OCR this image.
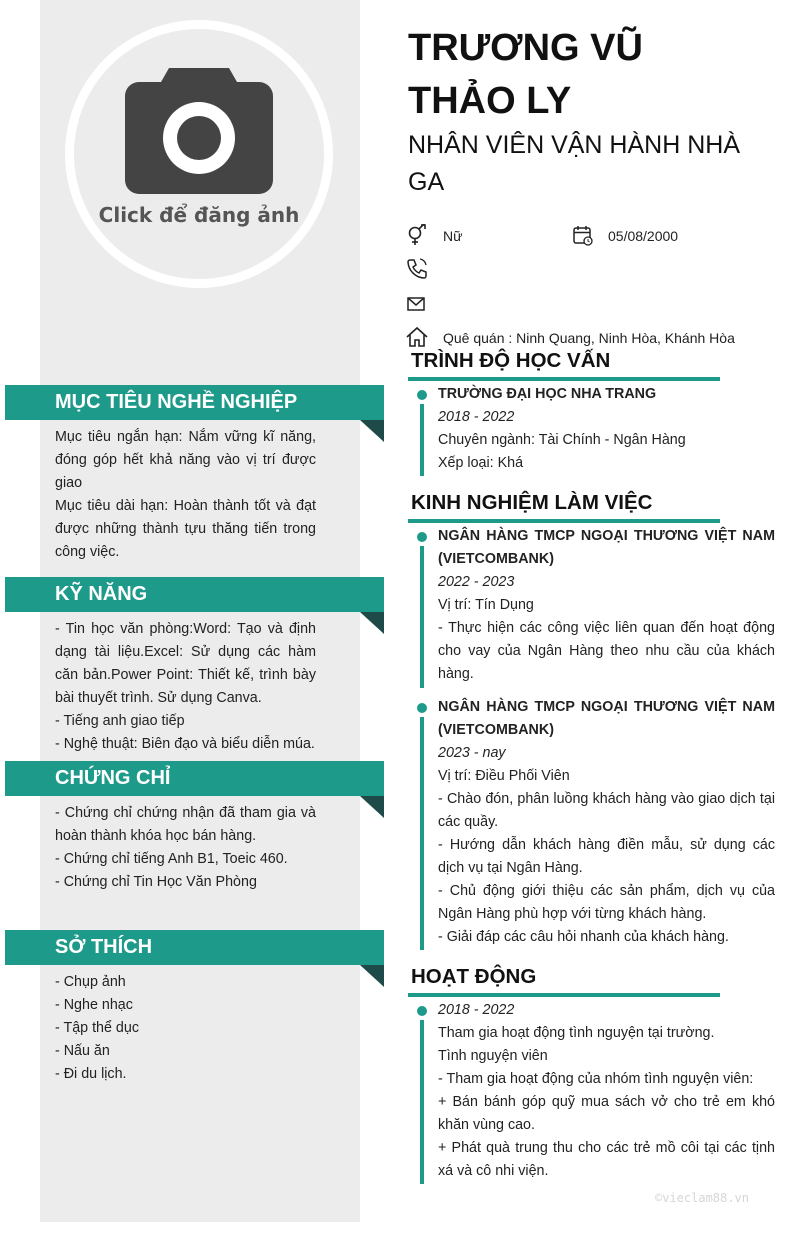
Click để đăng ảnh
TRƯƠNG VŨ
THẢO LY
NHÂN VIÊN VẬN HÀNH NHÀ GA
Nữ	05/08/2000
Quê quán : Ninh Quang, Ninh Hòa, Khánh Hòa
MỤC TIÊU NGHỀ NGHIỆP
Mục tiêu ngắn hạn: Nắm vững kĩ năng, đóng góp hết khả năng vào vị trí được giao
Mục tiêu dài hạn: Hoàn thành tốt và đạt được những thành tựu thăng tiến trong công việc.
KỸ NĂNG
- Tin học văn phòng:Word: Tạo và định dạng tài liệu.Excel: Sử dụng các hàm căn bản.Power Point: Thiết kế, trình bày bài thuyết trình. Sử dụng Canva.
- Tiếng anh giao tiếp
- Nghệ thuật: Biên đạo và biểu diễn múa.
CHỨNG CHỈ
- Chứng chỉ chứng nhận đã tham gia và hoàn thành khóa học bán hàng.
- Chứng chỉ tiếng Anh B1, Toeic 460.
- Chứng chỉ Tin Học Văn Phòng
SỞ THÍCH
- Chụp ảnh
- Nghe nhạc
- Tập thể dục
- Nấu ăn
- Đi du lịch.
TRÌNH ĐỘ HỌC VẤN
TRƯỜNG ĐẠI HỌC NHA TRANG
2018 - 2022
Chuyên ngành: Tài Chính - Ngân Hàng
Xếp loại: Khá
KINH NGHIỆM LÀM VIỆC
NGÂN HÀNG TMCP NGOẠI THƯƠNG VIỆT NAM (VIETCOMBANK)
2022 - 2023
Vị trí: Tín Dụng
- Thực hiện các công việc liên quan đến hoạt động cho vay của Ngân Hàng theo nhu cầu của khách hàng.
NGÂN HÀNG TMCP NGOẠI THƯƠNG VIỆT NAM (VIETCOMBANK)
2023 - nay
Vị trí: Điều Phối Viên
- Chào đón, phân luồng khách hàng vào giao dịch tại các quầy.
- Hướng dẫn khách hàng điền mẫu, sử dụng các dịch vụ tại Ngân Hàng.
- Chủ động giới thiệu các sản phẩm, dịch vụ của Ngân Hàng phù hợp với từng khách hàng.
- Giải đáp các câu hỏi nhanh của khách hàng.
HOẠT ĐỘNG
2018 - 2022
Tham gia hoạt động tình nguyện tại trường.
Tình nguyện viên
- Tham gia hoạt động của nhóm tình nguyện viên:
+ Bán bánh góp quỹ mua sách vở cho trẻ em khó khăn vùng cao.
+ Phát quà trung thu cho các trẻ mồ côi tại các tịnh xá và cô nhi viện.
©vieclam88.vn
